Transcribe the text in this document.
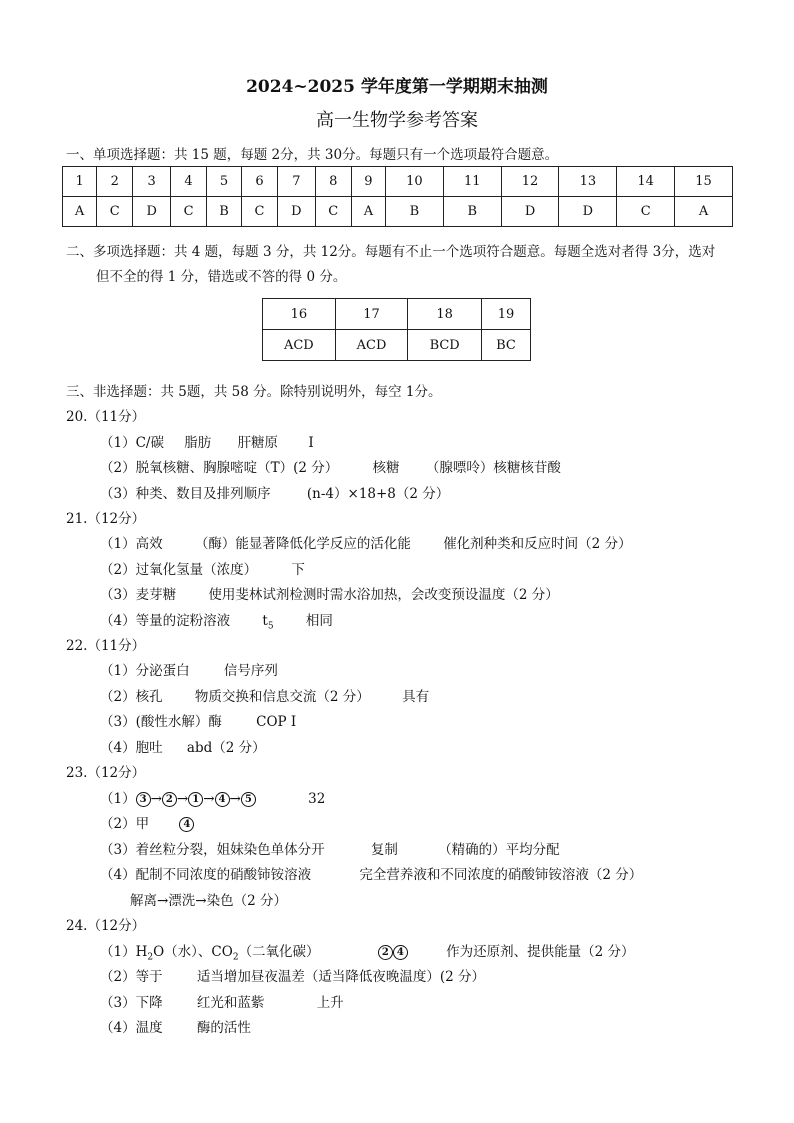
2024~2025 学年度第一学期期末抽测
高一生物学参考答案
一、单项选择题：共 15 题，每题 2分，共 30分。每题只有一个选项最符合题意。
1	2	3	4	5	6	7	8	9	10	11	12	13	14	15
A	C	D	C	B	C	D	C	A	B	B	D	D	C	A
二、多项选择题：共 4 题，每题 3 分，共 12分。每题有不止一个选项符合题意。每题全选对者得 3分，选对
但不全的得 1 分，错选或不答的得 0 分。
16	17	18	19
ACD	ACD	BCD	BC
三、非选择题：共 5题，共 58 分。除特别说明外，每空 1分。
20.（11分）
（1）C/碳 脂肪 肝糖原 I
（2）脱氧核糖、胸腺嘧啶（T）(2 分）	核糖 （腺嘌呤）核糖核苷酸
（3）种类、数目及排列顺序	(n-4）×18+8（2 分）
21.（12分）
（1）高效 （酶）能显著降低化学反应的活化能 催化剂种类和反应时间（2 分）
（2）过氧化氢量（浓度）	下
（3）麦芽糖 使用斐林试剂检测时需水浴加热，会改变预设温度（2 分）
（4）等量的淀粉溶液 $t_5$ 相同
22.（11分）
（1）分泌蛋白	信号序列
（2）核孔 物质交换和信息交流（2 分） 具有
（3）(酸性水解）酶	COP I
（4）胞吐 abd（2 分）
23.（12分）
（1） 3 → 2 → 1 → 4 → 5	32
（2）甲	4
（3）着丝粒分裂，姐妹染色单体分开	复制	（精确的）平均分配
（4）配制不同浓度的硝酸铈铵溶液	完全营养液和不同浓度的硝酸铈铵溶液（2 分）
解离→漂洗→染色（2 分）
24.（12分）
$(1)H_2O$（水）、$CO_2$（二氧化碳）	2 4	作为还原剂、提供能量（2 分）
（2）等于	适当增加昼夜温差（适当降低夜晚温度）(2 分）
（3）下降	红光和蓝紫	上升
（4）温度	酶的活性
